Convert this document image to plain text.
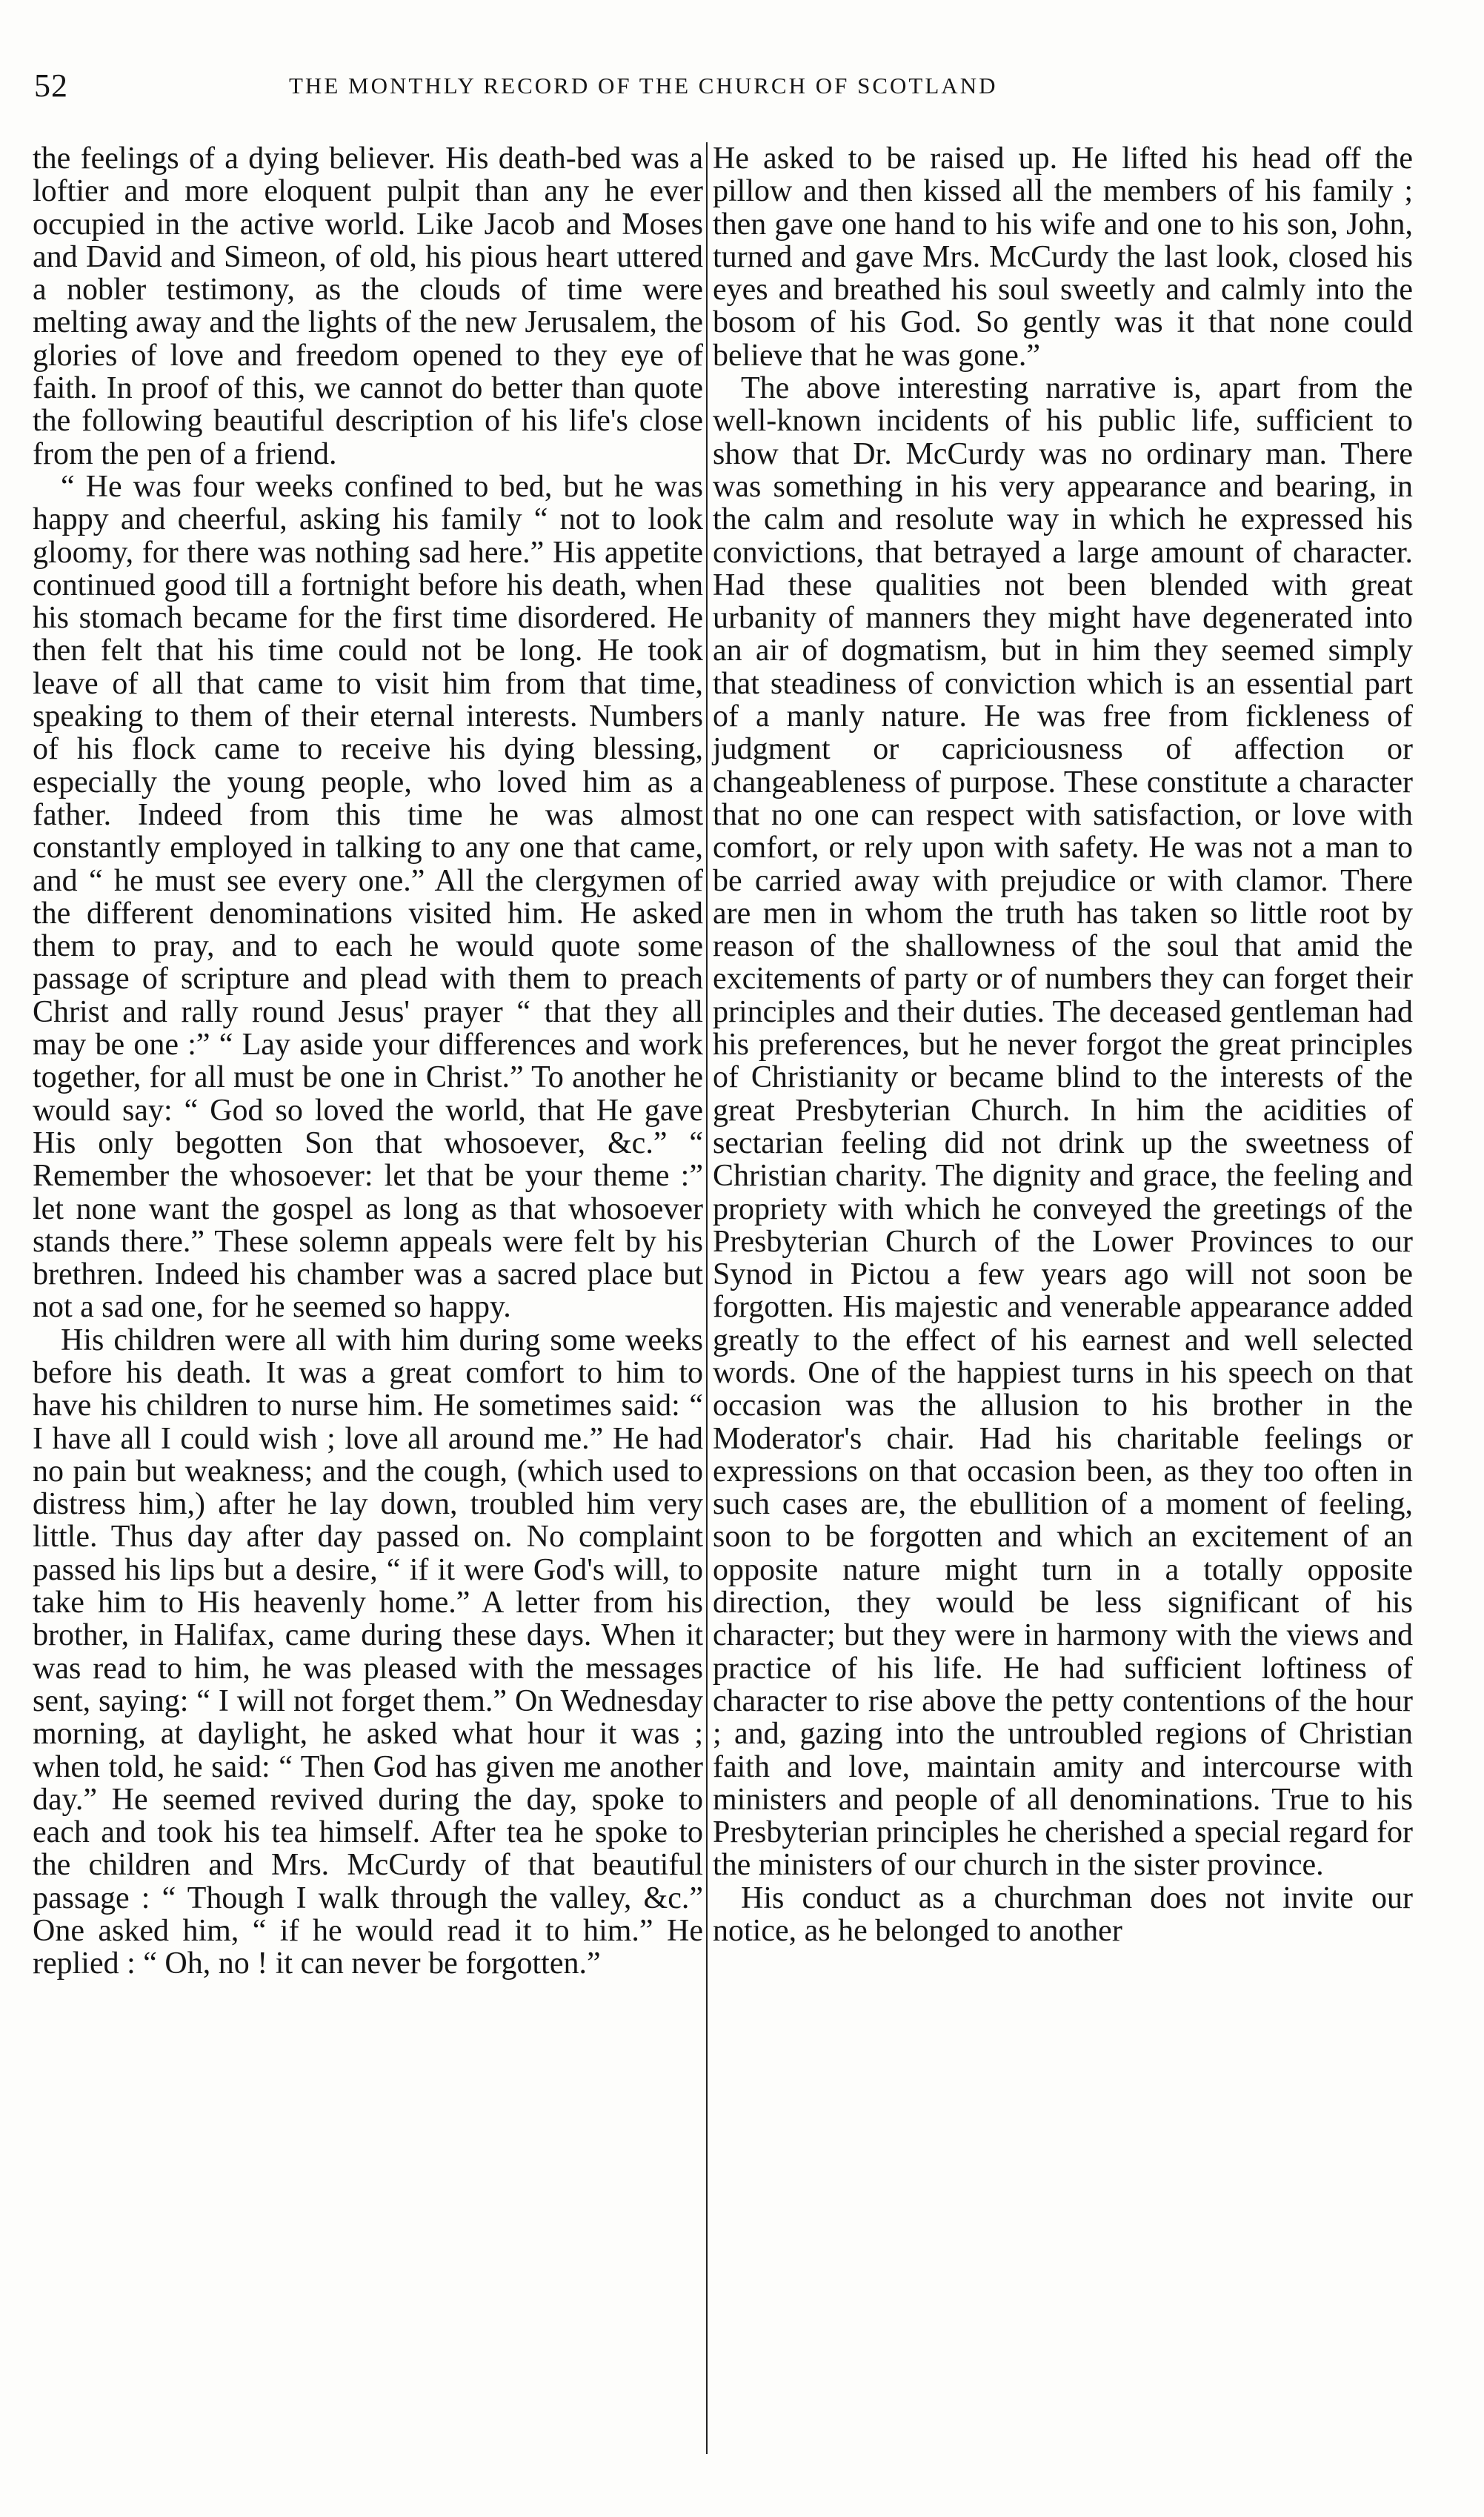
52	THE MONTHLY RECORD OF THE CHURCH OF SCOTLAND

the feelings of a dying believer. His death-bed was a loftier and more eloquent pulpit than any he ever occupied in the active world. Like Jacob and Moses and David and Simeon, of old, his pious heart uttered a nobler testimony, as the clouds of time were melting away and the lights of the new Jerusalem, the glories of love and freedom opened to they eye of faith. In proof of this, we cannot do better than quote the following beautiful description of his life's close from the pen of a friend.

“ He was four weeks confined to bed, but he was happy and cheerful, asking his family “ not to look gloomy, for there was nothing sad here.” His appetite continued good till a fortnight before his death, when his stomach became for the first time disordered. He then felt that his time could not be long. He took leave of all that came to visit him from that time, speaking to them of their eternal interests. Numbers of his flock came to receive his dying blessing, especially the young people, who loved him as a father. Indeed from this time he was almost constantly employed in talking to any one that came, and “ he must see every one.” All the clergymen of the different denominations visited him. He asked them to pray, and to each he would quote some passage of scripture and plead with them to preach Christ and rally round Jesus' prayer “ that they all may be one :” “ Lay aside your differences and work together, for all must be one in Christ.” To another he would say: “ God so loved the world, that He gave His only begotten Son that whosoever, &c.” “ Remember the whosoever: let that be your theme :” let none want the gospel as long as that whosoever stands there.” These solemn appeals were felt by his brethren. Indeed his chamber was a sacred place but not a sad one, for he seemed so happy.

His children were all with him during some weeks before his death. It was a great comfort to him to have his children to nurse him. He sometimes said: “ I have all I could wish ; love all around me.” He had no pain but weakness; and the cough, (which used to distress him,) after he lay down, troubled him very little. Thus day after day passed on. No complaint passed his lips but a desire, “ if it were God's will, to take him to His heavenly home.” A letter from his brother, in Halifax, came during these days. When it was read to him, he was pleased with the messages sent, saying: “ I will not forget them.” On Wednesday morning, at daylight, he asked what hour it was ; when told, he said: “ Then God has given me another day.” He seemed revived during the day, spoke to each and took his tea himself. After tea he spoke to the children and Mrs. McCurdy of that beautiful passage : “ Though I walk through the valley, &c.” One asked him, “ if he would read it to him.” He replied : “ Oh, no ! it can never be forgotten.”

He asked to be raised up. He lifted his head off the pillow and then kissed all the members of his family ; then gave one hand to his wife and one to his son, John, turned and gave Mrs. McCurdy the last look, closed his eyes and breathed his soul sweetly and calmly into the bosom of his God. So gently was it that none could believe that he was gone.”

The above interesting narrative is, apart from the well-known incidents of his public life, sufficient to show that Dr. McCurdy was no ordinary man. There was something in his very appearance and bearing, in the calm and resolute way in which he expressed his convictions, that betrayed a large amount of character. Had these qualities not been blended with great urbanity of manners they might have degenerated into an air of dogmatism, but in him they seemed simply that steadiness of conviction which is an essential part of a manly nature. He was free from fickleness of judgment or capriciousness of affection or changeableness of purpose. These constitute a character that no one can respect with satisfaction, or love with comfort, or rely upon with safety. He was not a man to be carried away with prejudice or with clamor. There are men in whom the truth has taken so little root by reason of the shallowness of the soul that amid the excitements of party or of numbers they can forget their principles and their duties. The deceased gentleman had his preferences, but he never forgot the great principles of Christianity or became blind to the interests of the great Presbyterian Church. In him the acidities of sectarian feeling did not drink up the sweetness of Christian charity. The dignity and grace, the feeling and propriety with which he conveyed the greetings of the Presbyterian Church of the Lower Provinces to our Synod in Pictou a few years ago will not soon be forgotten. His majestic and venerable appearance added greatly to the effect of his earnest and well selected words. One of the happiest turns in his speech on that occasion was the allusion to his brother in the Moderator's chair. Had his charitable feelings or expressions on that occasion been, as they too often in such cases are, the ebullition of a moment of feeling, soon to be forgotten and which an excitement of an opposite nature might turn in a totally opposite direction, they would be less significant of his character; but they were in harmony with the views and practice of his life. He had sufficient loftiness of character to rise above the petty contentions of the hour ; and, gazing into the untroubled regions of Christian faith and love, maintain amity and intercourse with ministers and people of all denominations. True to his Presbyterian principles he cherished a special regard for the ministers of our church in the sister province.

His conduct as a churchman does not invite our notice, as he belonged to another
